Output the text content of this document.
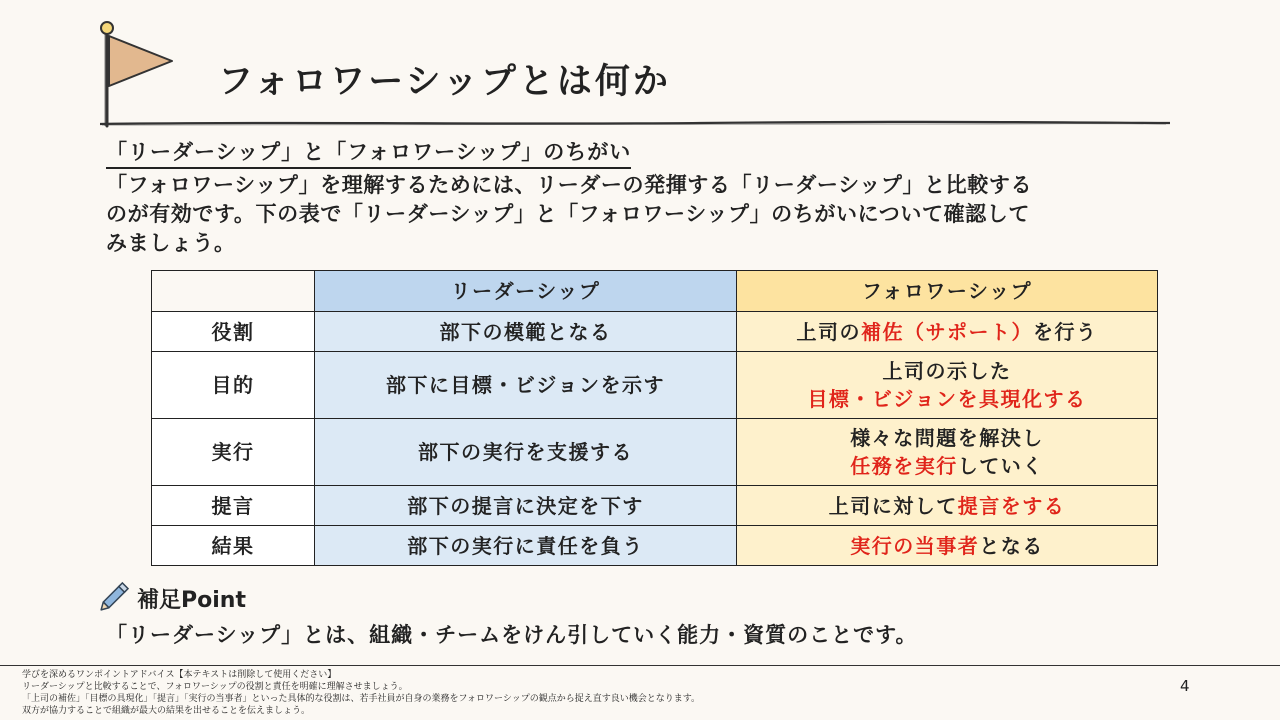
フォロワーシップとは何か
「リーダーシップ」と「フォロワーシップ」のちがい

「フォロワーシップ」を理解するためには、リーダーの発揮する「リーダーシップ」と比較する
のが有効です。下の表で「リーダーシップ」と「フォロワーシップ」のちがいについて確認して
みましょう。

	リーダーシップ	フォロワーシップ
役割	部下の模範となる	上司の補佐（サポート）を行う

目的	部下に目標・ビジョンを示す	上司の示した
目標・ビジョンを具現化する

実行	部下の実行を支援する	様々な問題を解決し
任務を実行していく

提言	部下の提言に決定を下す	上司に対して提言をする

結果	部下の実行に責任を負う	実行の当事者となる
補足Point

「リーダーシップ」とは、組織・チームをけん引していく能力・資質のことです。

学びを深めるワンポイントアドバイス【本テキストは削除して使用ください】
リーダーシップと比較することで、フォロワーシップの役割と責任を明確に理解させましょう。
「上司の補佐」「目標の具現化」「提言」「実行の当事者」といった具体的な役割は、若手社員が自身の業務をフォロワーシップの観点から捉え直す良い機会となります。
双方が協力することで組織が最大の結果を出せることを伝えましょう。

4
